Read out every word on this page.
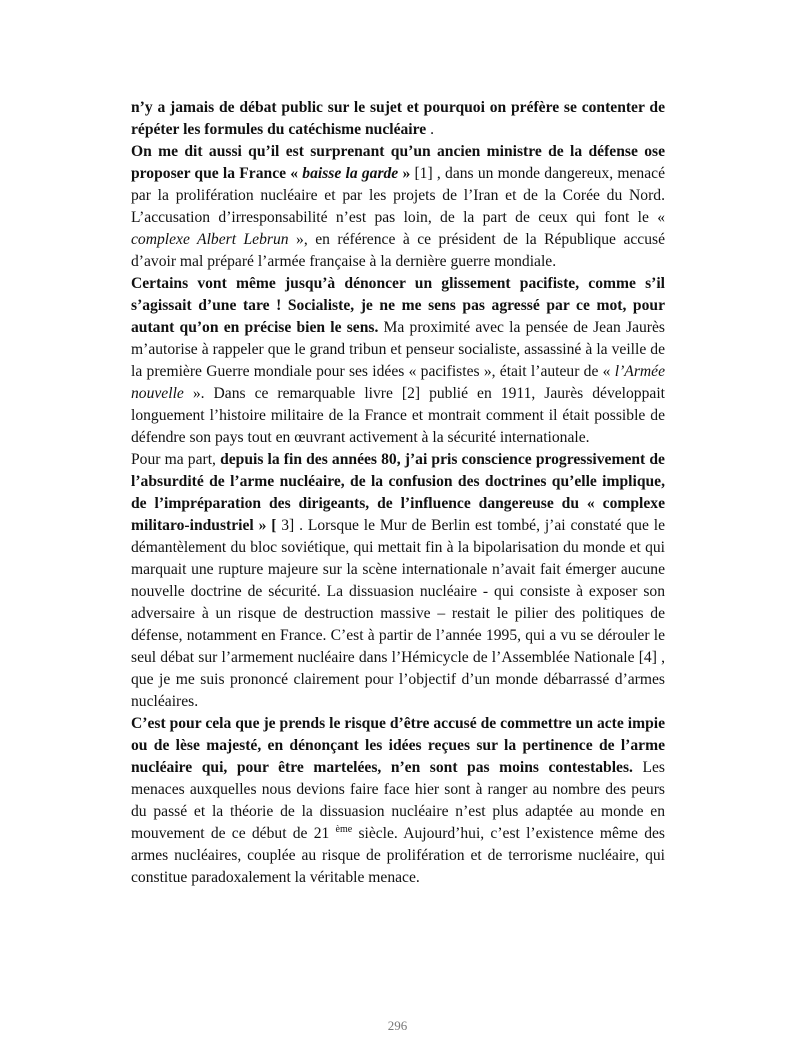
n’y a jamais de débat public sur le sujet et pourquoi on préfère se contenter de répéter les formules du catéchisme nucléaire .

On me dit aussi qu’il est surprenant qu’un ancien ministre de la défense ose proposer que la France « baisse la garde » [1] , dans un monde dangereux, menacé par la prolifération nucléaire et par les projets de l’Iran et de la Corée du Nord. L’accusation d’irresponsabilité n’est pas loin, de la part de ceux qui font le « complexe Albert Lebrun », en référence à ce président de la République accusé d’avoir mal préparé l’armée française à la dernière guerre mondiale.

Certains vont même jusqu’à dénoncer un glissement pacifiste, comme s’il s’agissait d’une tare ! Socialiste, je ne me sens pas agressé par ce mot, pour autant qu’on en précise bien le sens. Ma proximité avec la pensée de Jean Jaurès m’autorise à rappeler que le grand tribun et penseur socialiste, assassiné à la veille de la première Guerre mondiale pour ses idées « pacifistes », était l’auteur de « l’Armée nouvelle ». Dans ce remarquable livre [2] publié en 1911, Jaurès développait longuement l’histoire militaire de la France et montrait comment il était possible de défendre son pays tout en œuvrant activement à la sécurité internationale.

Pour ma part, depuis la fin des années 80, j’ai pris conscience progressivement de l’absurdité de l’arme nucléaire, de la confusion des doctrines qu’elle implique, de l’impréparation des dirigeants, de l’influence dangereuse du « complexe militaro-industriel » [ 3] . Lorsque le Mur de Berlin est tombé, j’ai constaté que le démantèlement du bloc soviétique, qui mettait fin à la bipolarisation du monde et qui marquait une rupture majeure sur la scène internationale n’avait fait émerger aucune nouvelle doctrine de sécurité. La dissuasion nucléaire - qui consiste à exposer son adversaire à un risque de destruction massive – restait le pilier des politiques de défense, notamment en France. C’est à partir de l’année 1995, qui a vu se dérouler le seul débat sur l’armement nucléaire dans l’Hémicycle de l’Assemblée Nationale [4] , que je me suis prononcé clairement pour l’objectif d’un monde débarrassé d’armes nucléaires.

C’est pour cela que je prends le risque d’être accusé de commettre un acte impie ou de lèse majesté, en dénonçant les idées reçues sur la pertinence de l’arme nucléaire qui, pour être martelées, n’en sont pas moins contestables. Les menaces auxquelles nous devions faire face hier sont à ranger au nombre des peurs du passé et la théorie de la dissuasion nucléaire n’est plus adaptée au monde en mouvement de ce début de 21 $^{ème}$ siècle. Aujourd’hui, c’est l’existence même des armes nucléaires, couplée au risque de prolifération et de terrorisme nucléaire, qui constitue paradoxalement la véritable menace.

296
